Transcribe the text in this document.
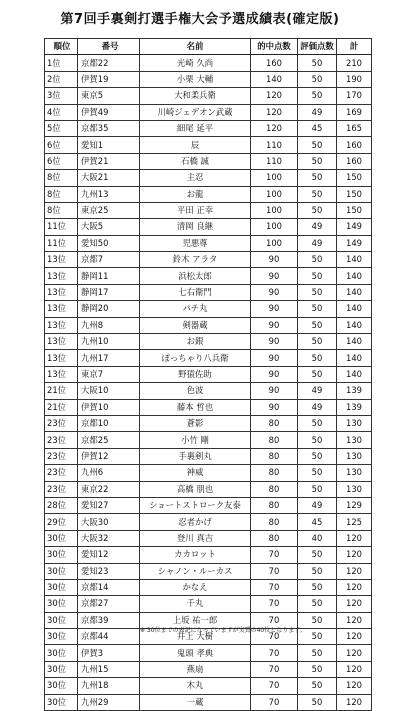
第7回手裏剣打選手権大会予選成績表(確定版)
順位	番号	名前	的中点数	評価点数	計
1位	京都22	光崎 久尚	160	50	210
2位	伊賀19	小栗 大輔	140	50	190
3位	東京5	大和柔兵衛	120	50	170
4位	伊賀49	川崎ジェデオン武蔵	120	49	169
5位	京都35	細尾 延平	120	45	165
6位	愛知1	辰	110	50	160
6位	伊賀21	石橋 誠	110	50	160
8位	大阪21	主忍	100	50	150
8位	九州13	お龍	100	50	150
8位	東京25	平田 正幸	100	50	150
11位	大阪5	清岡 良継	100	49	149
11位	愛知50	児悪尊	100	49	149
13位	京都7	鈴木 アラタ	90	50	140
13位	静岡11	浜松太郎	90	50	140
13位	静岡17	七右衛門	90	50	140
13位	静岡20	パチ丸	90	50	140
13位	九州8	剣器蔵	90	50	140
13位	九州10	お銀	90	50	140
13位	九州17	ぽっちゃり八兵衛	90	50	140
13位	東京7	野猿佐助	90	50	140
21位	大阪10	色波	90	49	139
21位	伊賀10	藤本 哲也	90	49	139
23位	京都10	蒼影	80	50	130
23位	京都25	小竹 剛	80	50	130
23位	伊賀12	手裏剣丸	80	50	130
23位	九州6	神威	80	50	130
23位	東京22	高橋 朋也	80	50	130
28位	愛知27	ショートストローク友泰	80	49	129
29位	大阪30	忍者かげ	80	45	125
30位	大阪32	登川 真吉	80	40	120
30位	愛知12	カカロット	70	50	120
30位	愛知23	シャノン・ルーカス	70	50	120
30位	京都14	かなえ	70	50	120
30位	京都27	千丸	70	50	120
30位	京都39	上坂 祐一郎	70	50	120
30位	京都44	井上 大樹	70	50	120
30位	伊賀3	鬼頭 孝典	70	50	120
30位	九州15	燕扇	70	50	120
30位	九州18	木丸	70	50	120
30位	九州29	一蔵	70	50	120
※ 30位までの表記になっていますが実質の40位となります。
